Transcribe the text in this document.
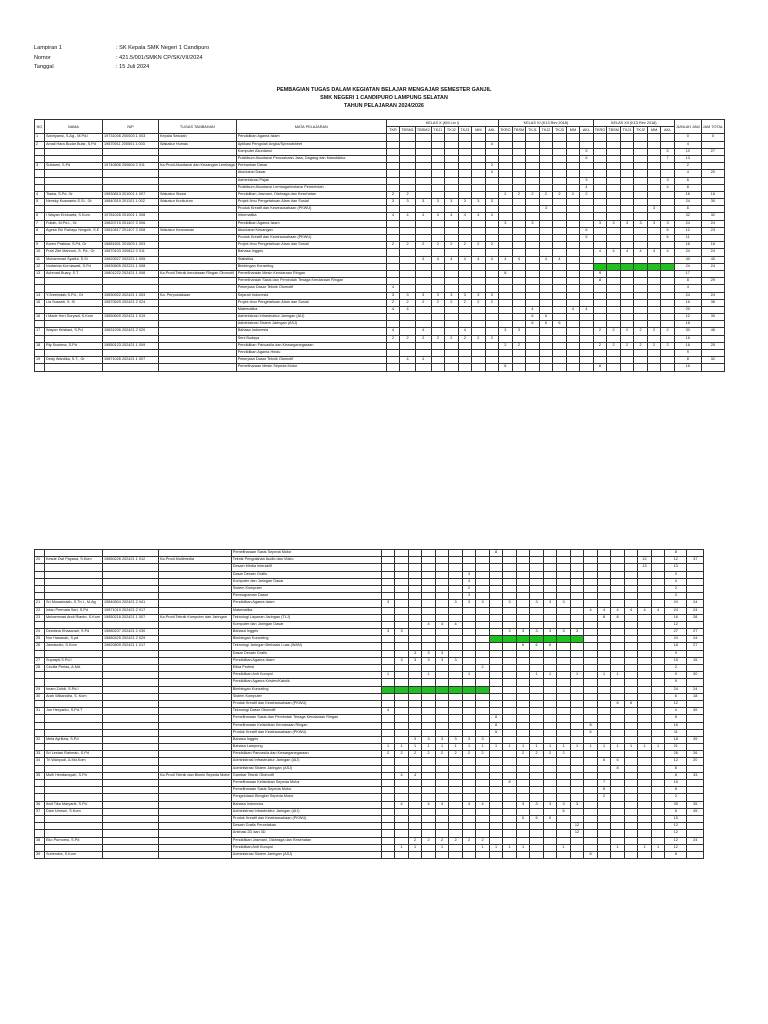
Lampiran 1	: SK Kepala SMK Negeri 1 Candipuro
Nomor	: 421.5/001/SMKN CP/SK/VII/2024
Tanggal	: 15 Juli 2024
PEMBAGIAN TUGAS DALAM KEGIATAN BELAJAR MENGAJAR SEMESTER GANJIL
SMK NEGERI 1 CANDIPURO LAMPUNG SELATAN
TAHUN PELAJARAN 2024/2026
NO	NAMA	NIP	TUGAS TAMBAHAN	MATA PELAJARAN	KELAS X (KM Lin I)								KELAS XI (K13 Rev 2018)							KELAS XII (K13 Rev 2018)						JUMLAH JAM	JAM TOTAL
					TKR	TBSM1	TBSM2	TKJ1	TKJ2	TKJ3	MM	AKL	TKRO	TBSM	TKJ1	TKJ2	TKJ3	MM	AKL	TKRO	TBSM	TKJ1	TKJ2	MM	AKL		
1	Sahriyansi, S.Ag., M.Pd.I	19731006 200003 1 003	Kepala Sekolah	Pendidikan Agama Islam																						0	0
2	Amali Hara Budar Bulsr, S.Pd	19870911 200501 1 003	Wakakur Humas	Aplikasi Pengolah Angka/Spreadsheet								4														4	
				Komputer Akuntansi															5						5	10	27
				Praktikum Akuntansi Perusahaan Jasa, Dagang dan Manufaktur															6						7	13	
3	Subiarni, S.Pd	19740806 200604 2 011	Ka.Prodi Akuntansi dan Keuangan Lembaga	Perbankan Dasar								2														2	
				Akuntansi Dasar								4														4	20
				Administrasi Pajak															3						3	6	
				Praktikum Akuntansi Lembaga/Instansi Pemerintah															4						4	8	
4	Tiawa, S.Pd, Gr	19830813 201001 1 007	Wakakur Siswa	Pendidikan Jasmani, Olahraga dan Kesehatan	2	2							2	2	2	2	2	2	2							16	16
5	Nensky Kuswanto,S.Si., Gr	19840319 201101 1 002	Wakakur Kurikulum	Projek Ilmu Pengetahuan Alam dan Sosial	3	3	3	3	3	3	3	3														24	30
				Produk Kreatif dan Kewirausahaan (PKWU)												3								3		6	
6	I Wayan Enduarta, S.Kom	19781028 201001 1 008		Informatika	4	4	4	4	4	4	4	4														32	32
7	Fuliah, M.Pd.I., Gr	19820715 201407 2 006		Pendidikan Agama Islam									3		3					3	3	3	3	3	3	24	24
8	Agesa Eki Rahayu Ningsih, S.E	19810817 201407 2 008	Wakakur Keamanan	Akuntansi Keuangan															6						6	12	23
				Produk Kreatif dan Kewirausahaan (PKWU)															5						6	11	
9	Karen Pratiwa, S.Pd, Gr	19881501 201503 1 003		Projek Ilmu Pengetahuan Alam dan Sosial	2	2	2	2	2	2	2	2														16	16
10	Putri Zitri Mahruni, S. Pd., Gr	19870103 200812 2 011		Bahasa Inggris																4	4	4	4	4	4	24	24
11	Muhammad Syaiful, S.Si	19820527 202221 1 005		Statistika			4	4	4	4	4	4	4	4		4	4									40	40
12	Nurfarida Kurniawati, S.Pd	19830805 202221 1 008		Bimbingan Konseling																						24	24
13	Achmad Busry, S.T	19801222 202421 1 008	Ka.Prodi Teknik kendaraan Ringan Otomotif	Pemeliharaan Mesin Kendaraan Ringan									8							9						17	
				Pemeliharaan Sasis dan Pemindah Tenaga Kendaraan Ringan																8						8	29
				Pekerjaan Dasar Teknik Otomotif	4																					4	
14	Y.Sreeindah,S.Pd., Gr	19830922 202421 1 003	Ka. Perpustakaan	Sejarah Indonesia	3	3	3	3	3	3	3	3														24	24
15	Lia Susanti, S. Si	19870529 202421 2 024		Projek Ilmu Pengetahuan Alam dan Sosial	2	2	2	2	2	2	2	2														16	36
				Matematika	4	4									4			4	4							20	
16	I Made Heri Suryadi, S.Kom	19850609 202421 1 019		Administrasi Infrastruktur Jaringan (AIJ)											6	6										12	30
				Administrasi Sistem Jaringan (ASJ)											6	6	6									18	
17	Wayan Kristiani, S.Pd	19831206 202421 2 020		Bahasa Indonesia	4		4			4			3	3						2	2	2	2	2	2	30	46
				Seni Budaya	2	2	2	2	2	2	2	2														16	
18	Rty Suwirna, S.Pd	19850123 202421 1 009		Pendidikan Pancasila dan Kewarganegaraan									2	2						2	2	2	2	2	2	16	25
				Pendidikan Agama Hindu																						9	
19	Dedy Wardika, S.T., Gr	19871026 202421 1 007		Pekerjaan Dasar Teknik Otomotif		4	4																			8	32
				Pemeliharaan Mesin Sepeda Motor									8							8						16	
				Pemeliharaan Sasis Sepeda Motor									8													8	
20	Kesde Dwi Payana, S.Kom	19850226 202421 1 012	Ka.Prodi Multimedia	Teknik Pengolahan Audio dan Video																				12		12	37
				Desain Media Interaktif																				13		13	
				Dasar Desain Grafis							3															3	
				Komputer dan Jaringan Dasar							4															4	
				Sistem Komputer							2															2	
				Pemrograman Dasar							3															3	
21	Sri Musarindah, S.Th.I., M.Ag	19840804 202421 2 041		Pendidikan Agama Islam	3					3	3	3		3		3	3	3								24	24
22	Intan Permata Sari, S.Pd	19871019 202421 2 017		Matematika																4	4	4	4	4	4	24	24
23	Muhammad Andi Rianto, S.Kom	19850216 202421 1 007	Ka.Prodi Teknik Komputer dan Jaringan	Teknologi Layanan Jaringan (TLJ)																	8	8				16	28
				Komputer dan Jaringan Dasar				4	4	4																12	
24	Dewiana Khasanah, S.Pd	19880207 202421 2 030		Bahasa Inggris	3	3								3	3	3	3	3	3							27	27
25	Nur Hasanah, S.pd	19880425 202421 2 029		Bimbingan Konseling																						24	24
26	Jamaludin, S.Kom	19820809 202421 1 017		Teknologi Jaringan Berbasis Luas (WAN)											6	6	6									18	27
				Dasar Desain Grafis			3	3	3																	9	
27	Suprapti,S.Pd.I			Pendidikan Agama Islam		3	3	3	3	3																15	15
28	Cecilia Perlas, A.Md.			Etika Profesi								2														2	
				Pendidikan Anti Korupsi	1			1			1					1	1		1		1	1				9	30
				Pendidikan Agama Kristen/Katolik																						9	
29	Imam Zuhdi, S.Pd.I			Bimbingan Konseling																						24	24
30	Arah Wikandira, S. Kom			Sistem Komputer																						6	18
				Produk Kreatif dan Kewirausahaan (PKWU)																		6	6			12	
31	Jun Heryanto, S.Pd.T			Teknologi Dasar Otomotif	4																					4	39
				Pemeliharaan Sasis dan Pemindah Tenaga Kendaraan Ringan									8													8	
				Pemeliharaan Kelistrikan Kendaraan Ringan									8							8						16	
				Produk Kreatif dan Kewirausahaan (PKWU)									5							6						11	
32	Mela Ayrilizia, S.Pd			Bahasa Inggris			3	3	3	3	3	3														18	39
				Bahasa Lampung	1	1	1	1	1	1	1	1	1	1	1	1	1	1	1	1	1	1	1	1	1	21	
33	Sri Lestari Rahmah, S.Pd			Pendidikan Pancasila dan Kewarganegaraan	2	2	2	2	2	2	2	2			2	2	2	2								26	26
34	Tri Wahyudi, A.Md.Kom			Administrasi Infrastruktur Jaringan (AIJ)																	6	6				12	20
				Administrasi Sistem Jaringan (ASJ)																		8				8	
35	Mufli Herdiansyah, S.Pd		Ka.Prodi Teknik dan Bisnis Sepeda Motor	Gambar Teknik Otomotif		4	4																			8	33
				Pemeliharaan Kelistrikan Sepeda Motor										8							7					15	
				Pemeliharaan Sasis Sepeda Motor																	8					8	
				Pengelolaan Bengkel Sepeda Motor																	2					2	
36	Iksit Tika Maryanti, S.Pd			Bahasa Indonesia		4		4	4		4	4			3	3	3	3	3							35	35
37	Dian Umroni, S.Kom			Administrasi Infrastruktur Jaringan (AIJ)														6								6	45
				Produk Kreatif dan Kewirausahaan (PKWU)											5	5	5									15	
				Desain Grafis Percetakan															12							12	
				Animasi 2D dan 3D															12							12	
38	Eko Purnomo, S.Pd			Pendidikan Jasmani, Olahraga dan Kesehatan			2	2	2	2	2	2														12	24
				Pendidikan Anti Korupsi		1	1		1			1	1	1	1			1				1		1	1	12	
39	Suhendra, S.Kom			Administrasi Sistem Jaringan (ASJ)																8						8	
